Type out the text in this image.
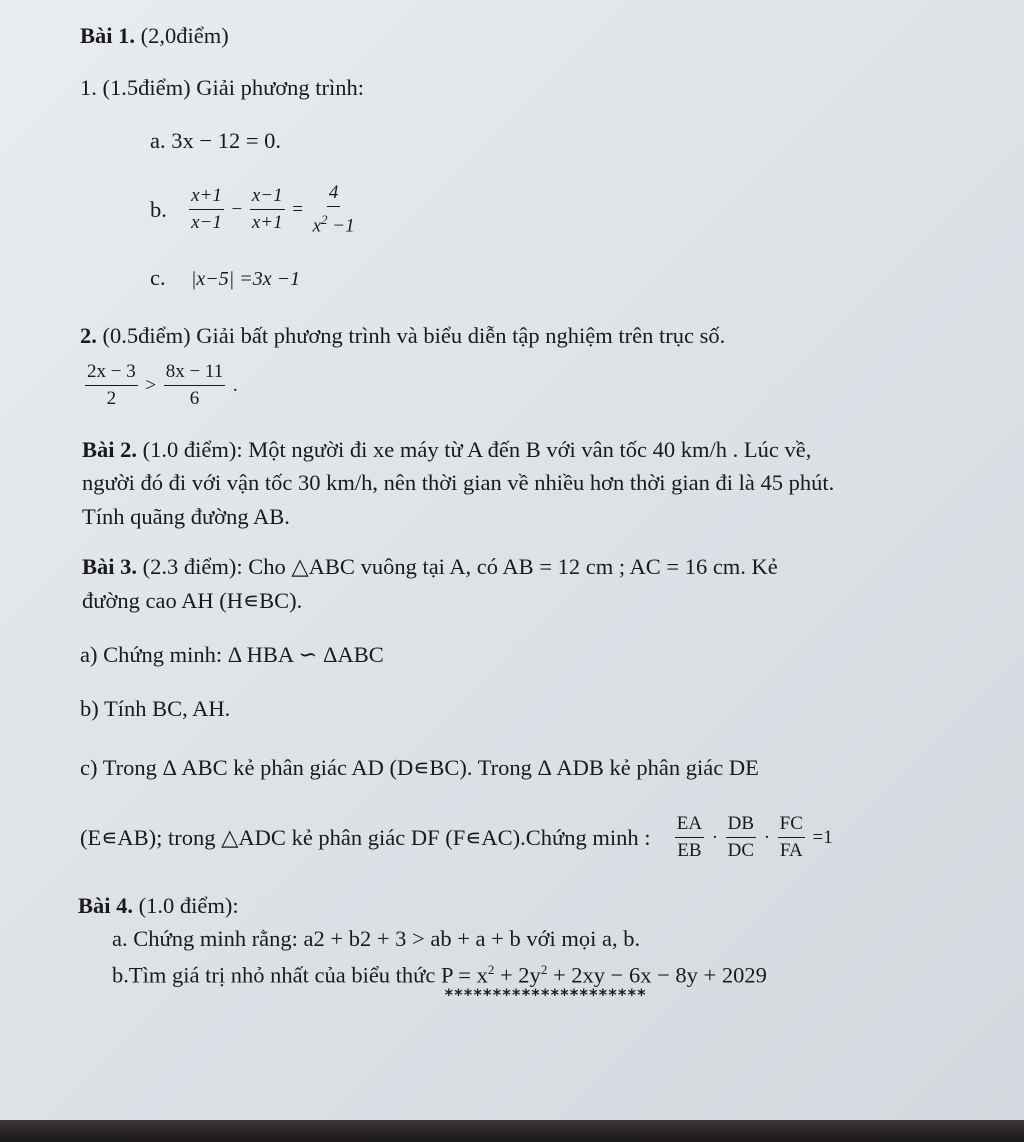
Bài 1. (2,0điểm)
1. (1.5điểm) Giải phương trình:
a. 3x − 12 = 0.
b. $\frac{x+1}{x-1} - \frac{x-1}{x+1} = \frac{4}{x^2 -1}$
c. |x−5| =3x −1
2. (0.5điểm) Giải bất phương trình và biểu diễn tập nghiệm trên trục số.
$\frac{2x - 3}{2} > \frac{8x - 11}{6}$ .
Bài 2. (1.0 điểm): Một người đi xe máy từ A đến B với vân tốc 40 km/h . Lúc về,
người đó đi với vận tốc 30 km/h, nên thời gian về nhiều hơn thời gian đi là 45 phút.
Tính quãng đường AB.
Bài 3. (2.3 điểm): Cho △ABC vuông tại A, có AB = 12 cm ; AC = 16 cm. Kẻ
đường cao AH (H∊BC).
a) Chứng minh: Δ HBA ∽ ΔABC
b) Tính BC, AH.
c) Trong Δ ABC kẻ phân giác AD (D∊BC). Trong Δ ADB kẻ phân giác DE
(E∊AB); trong △ADC kẻ phân giác DF (F∊AC).Chứng minh : $\frac{EA}{EB} \cdot \frac{DB}{DC} \cdot \frac{FC}{FA} =1$
Bài 4. (1.0 điểm):
a. Chứng minh rằng: a2 + b2 + 3 > ab + a + b với mọi a, b.
b.Tìm giá trị nhỏ nhất của biểu thức $P = x^2 + 2y^2 + 2xy - 6x - 8y + 2029$
*********************
